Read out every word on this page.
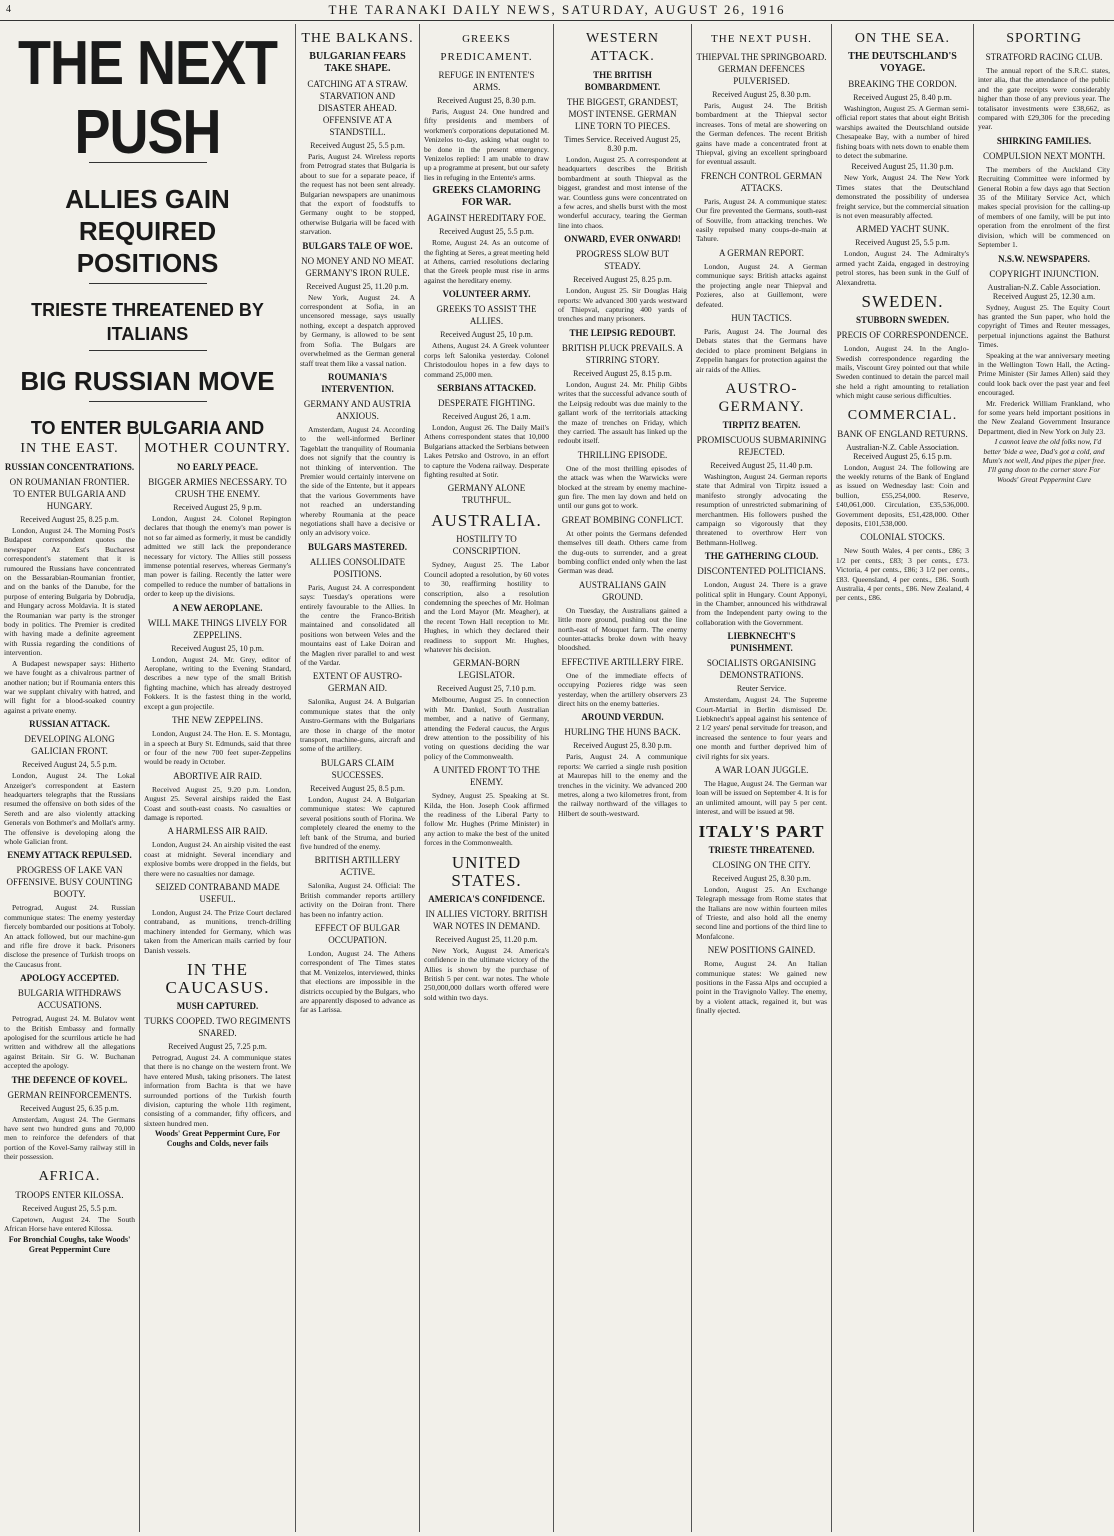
4	THE TARANAKI DAILY NEWS, SATURDAY, AUGUST 26, 1916
THE NEXT PUSH
ALLIES GAIN REQUIRED POSITIONS
TRIESTE THREATENED BY ITALIANS
BIG RUSSIAN MOVE
TO ENTER BULGARIA AND
IN THE EAST.
RUSSIAN CONCENTRATIONS.
ON ROUMANIAN FRONTIER. TO ENTER BULGARIA AND HUNGARY.
Received August 25, 8.25 p.m.

London, August 24. The Morning Post's Budapest correspondent quotes the newspaper Az Est's Bucharest correspondent's statement that it is rumoured the Russians have concentrated on the Bessarabian-Roumanian frontier, and on the banks of the Danube, for the purpose of entering Bulgaria by Dobrudja, and Hungary across Moldavia. It is stated the Roumanian war party is the stronger body in politics. The Premier is credited with having made a definite agreement with Russia regarding the conditions of intervention.

A Budapest newspaper says: Hitherto we have fought as a chivalrous partner of another nation; but if Roumania enters this war we supplant chivalry with hatred, and will fight for a blood-soaked country against a private enemy.

RUSSIAN ATTACK.
DEVELOPING ALONG GALICIAN FRONT.
Received August 24, 5.5 p.m.

London, August 24. The Lokal Anzeiger's correspondent at Eastern headquarters telegraphs that the Russians resumed the offensive on both sides of the Sereth and are also violently attacking Generals von Bothmer's and Mollat's army. The offensive is developing along the whole Galician front.

ENEMY ATTACK REPULSED.
PROGRESS OF LAKE VAN OFFENSIVE. BUSY COUNTING BOOTY.

Petrograd, August 24. Russian communique states: The enemy yesterday fiercely bombarded our positions at Toboly. An attack followed, but our machine-gun and rifle fire drove it back. Prisoners disclose the presence of Turkish troops on the Caucasus front.

APOLOGY ACCEPTED.
BULGARIA WITHDRAWS ACCUSATIONS.

Petrograd, August 24. M. Bulatov went to the British Embassy and formally apologised for the scurrilous article he had written and withdrew all the allegations against Britain. Sir G. W. Buchanan accepted the apology.

THE DEFENCE OF KOVEL.
GERMAN REINFORCEMENTS.
Received August 25, 6.35 p.m.

Amsterdam, August 24. The Germans have sent two hundred guns and 70,000 men to reinforce the defenders of that portion of the Kovel-Sarny railway still in their possession.

AFRICA.
TROOPS ENTER KILOSSA.
Received August 25, 5.5 p.m.

Capetown, August 24. The South African Horse have entered Kilossa.

For Bronchial Coughs, take Woods' Great Peppermint Cure
MOTHER COUNTRY.
NO EARLY PEACE.
BIGGER ARMIES NECESSARY. TO CRUSH THE ENEMY.
Received August 25, 9 p.m.

London, August 24. Colonel Repington declares that though the enemy's man power is not so far aimed as formerly, it must be candidly admitted we still lack the preponderance necessary for victory. The Allies still possess immense potential reserves, whereas Germany's man power is failing. Recently the latter were compelled to reduce the number of battalions in order to keep up the divisions.

A NEW AEROPLANE.
WILL MAKE THINGS LIVELY FOR ZEPPELINS.
Received August 25, 10 p.m.

London, August 24. Mr. Grey, editor of Aeroplane, writing to the Evening Standard, describes a new type of the small British fighting machine, which has already destroyed Fokkers. It is the fastest thing in the world, except a gun projectile.

THE NEW ZEPPELINS.

London, August 24. The Hon. E. S. Montagu, in a speech at Bury St. Edmunds, said that three or four of the new 700 feet super-Zeppelins would be ready in October.

ABORTIVE AIR RAID.

Received August 25, 9.20 p.m. London, August 25. Several airships raided the East Coast and south-east coasts. No casualties or damage is reported.

A HARMLESS AIR RAID.

London, August 24. An airship visited the east coast at midnight. Several incendiary and explosive bombs were dropped in the fields, but there were no casualties nor damage.

SEIZED CONTRABAND MADE USEFUL.

London, August 24. The Prize Court declared contraband, as munitions, trench-drilling machinery intended for Germany, which was taken from the American mails carried by four Danish vessels.

IN THE CAUCASUS.
MUSH CAPTURED.
TURKS COOPED. TWO REGIMENTS SNARED.
Received August 25, 7.25 p.m.

Petrograd, August 24. A communique states that there is no change on the western front. We have entered Mush, taking prisoners. The latest information from Bachta is that we have surrounded portions of the Turkish fourth division, capturing the whole 11th regiment, consisting of a commander, fifty officers, and sixteen hundred men.

Woods' Great Peppermint Cure, For Coughs and Colds, never fails
THE BALKANS.
BULGARIAN FEARS TAKE SHAPE.
CATCHING AT A STRAW. STARVATION AND DISASTER AHEAD. OFFENSIVE AT A STANDSTILL.
Received August 25, 5.5 p.m.

Paris, August 24. Wireless reports from Petrograd states that Bulgaria is about to sue for a separate peace, if the request has not been sent already. Bulgarian newspapers are unanimous that the export of foodstuffs to Germany ought to be stopped, otherwise Bulgaria will be faced with starvation.

BULGARS TALE OF WOE.
NO MONEY AND NO MEAT. GERMANY'S IRON RULE.
Received August 25, 11.20 p.m.

New York, August 24. A correspondent at Sofia, in an uncensored message, says usually nothing, except a despatch approved by Germany, is allowed to be sent from Sofia. The Bulgars are overwhelmed as the German general staff treat them like a vassal nation.

ROUMANIA'S INTERVENTION.
GERMANY AND AUSTRIA ANXIOUS.

Amsterdam, August 24. According to the well-informed Berliner Tageblatt the tranquility of Roumania does not signify that the country is not thinking of intervention. The Premier would certainly intervene on the side of the Entente, but it appears that the various Governments have not reached an understanding whereby Roumania at the peace negotiations shall have a decisive or only an advisory voice.

BULGARS MASTERED.
ALLIES CONSOLIDATE POSITIONS.

Paris, August 24. A correspondent says: Tuesday's operations were entirely favourable to the Allies. In the centre the Franco-British maintained and consolidated all positions won between Veles and the mountains east of Lake Doiran and the Maglen river parallel to and west of the Vardar.

EXTENT OF AUSTRO-GERMAN AID.

Salonika, August 24. A Bulgarian communique states that the only Austro-Germans with the Bulgarians are those in charge of the motor transport, machine-guns, aircraft and some of the artillery.

BULGARS CLAIM SUCCESSES.
Received August 25, 8.5 p.m.

London, August 24. A Bulgarian communique states: We captured several positions south of Florina. We completely cleared the enemy to the left bank of the Struma, and buried five hundred of the enemy.

BRITISH ARTILLERY ACTIVE.

Salonika, August 24. Official: The British commander reports artillery activity on the Doiran front. There has been no infantry action.

EFFECT OF BULGAR OCCUPATION.

London, August 24. The Athens correspondent of The Times states that M. Venizelos, interviewed, thinks that elections are impossible in the districts occupied by the Bulgars, who are apparently disposed to advance as far as Larissa.

GREEKS PREDICAMENT.
REFUGE IN ENTENTE'S ARMS.
Received August 25, 8.30 p.m.

Paris, August 24. One hundred and fifty presidents and members of workmen's corporations deputationed M. Venizelos to-day, asking what ought to be done in the present emergency. Venizelos replied: I am unable to draw up a programme at present, but our safety lies in refuging in the Entente's arms.

GREEKS CLAMORING FOR WAR.
AGAINST HEREDITARY FOE.
Received August 25, 5.5 p.m.

Rome, August 24. As an outcome of the fighting at Seres, a great meeting held at Athens, carried resolutions declaring that the Greek people must rise in arms against the hereditary enemy.

VOLUNTEER ARMY.
GREEKS TO ASSIST THE ALLIES.
Received August 25, 10 p.m.

Athens, August 24. A Greek volunteer corps left Salonika yesterday. Colonel Christodoulou hopes in a few days to command 25,000 men.

SERBIANS ATTACKED.
DESPERATE FIGHTING.
Received August 26, 1 a.m.

London, August 26. The Daily Mail's Athens correspondent states that 10,000 Bulgarians attacked the Serbians between Lakes Petrsko and Ostrovo, in an effort to capture the Vodena railway. Desperate fighting resulted at Sotir.

GERMANY ALONE TRUTHFUL.
AUSTRALIA.
HOSTILITY TO CONSCRIPTION.

Sydney, August 25. The Labor Council adopted a resolution, by 60 votes to 30, reaffirming hostility to conscription, also a resolution condemning the speeches of Mr. Holman and the Lord Mayor (Mr. Meagher), at the recent Town Hall reception to Mr. Hughes, in which they declared their readiness to support Mr. Hughes, whatever his decision.

GERMAN-BORN LEGISLATOR.
Received August 25, 7.10 p.m.

Melbourne, August 25. In connection with Mr. Dankel, South Australian member, and a native of Germany, attending the Federal caucus, the Argus drew attention to the possibility of his voting on questions deciding the war policy of the Commonwealth.

A UNITED FRONT TO THE ENEMY.

Sydney, August 25. Speaking at St. Kilda, the Hon. Joseph Cook affirmed the readiness of the Liberal Party to follow Mr. Hughes (Prime Minister) in any action to make the best of the united forces in the Commonwealth.

UNITED STATES.
AMERICA'S CONFIDENCE.
IN ALLIES VICTORY. BRITISH WAR NOTES IN DEMAND.
Received August 25, 11.20 p.m.

New York, August 24. America's confidence in the ultimate victory of the Allies is shown by the purchase of British 5 per cent. war notes. The whole 250,000,000 dollars worth offered were sold within two days.

WESTERN ATTACK.
THE BRITISH BOMBARDMENT.
THE BIGGEST, GRANDEST, MOST INTENSE. GERMAN LINE TORN TO PIECES.
Times Service. Received August 25, 8.30 p.m.

London, August 25. A correspondent at headquarters describes the British bombardment at south Thiepval as the biggest, grandest and most intense of the war. Countless guns were concentrated on a few acres, and shells burst with the most wonderful accuracy, tearing the German line into chaos.

ONWARD, EVER ONWARD!
PROGRESS SLOW BUT STEADY.
Received August 25, 8.25 p.m.

London, August 25. Sir Douglas Haig reports: We advanced 300 yards westward of Thiepval, capturing 400 yards of trenches and many prisoners.

THE LEIPSIG REDOUBT.
BRITISH PLUCK PREVAILS. A STIRRING STORY.
Received August 25, 8.15 p.m.

London, August 24. Mr. Philip Gibbs writes that the successful advance south of the Leipsig redoubt was due mainly to the gallant work of the territorials attacking the maze of trenches on Friday, which they carried. The assault has linked up the redoubt itself.

THRILLING EPISODE.

One of the most thrilling episodes of the attack was when the Warwicks were blocked at the stream by enemy machine-gun fire. The men lay down and held on until our guns got to work.

GREAT BOMBING CONFLICT.

At other points the Germans defended themselves till death. Others came from the dug-outs to surrender, and a great bombing conflict ended only when the last German was dead.

AUSTRALIANS GAIN GROUND.

On Tuesday, the Australians gained a little more ground, pushing out the line north-east of Mouquet farm. The enemy counter-attacks broke down with heavy bloodshed.

EFFECTIVE ARTILLERY FIRE.

One of the immediate effects of occupying Pozieres ridge was seen yesterday, when the artillery observers 23 direct hits on the enemy batteries.

AROUND VERDUN.
HURLING THE HUNS BACK.
Received August 25, 8.30 p.m.

Paris, August 24. A communique reports: We carried a single rush position at Maurepas hill to the enemy and the trenches in the vicinity. We advanced 200 metres, along a two kilometres front, from the railway northward of the villages to Hilbert de south-westward.

THE NEXT PUSH.
THIEPVAL THE SPRINGBOARD. GERMAN DEFENCES PULVERISED.
Received August 25, 8.30 p.m.

Paris, August 24. The British bombardment at the Thiepval sector increases. Tons of metal are showering on the German defences. The recent British gains have made a concentrated front at Thiepval, giving an excellent springboard for eventual assault.

FRENCH CONTROL GERMAN ATTACKS.

Paris, August 24. A communique states: Our fire prevented the Germans, south-east of Souville, from attacking trenches. We easily repulsed many coups-de-main at Tahure.

A GERMAN REPORT.

London, August 24. A German communique says: British attacks against the projecting angle near Thiepval and Pozieres, also at Guillemont, were defeated.

HUN TACTICS.

Paris, August 24. The Journal des Debats states that the Germans have decided to place prominent Belgians in Zeppelin hangars for protection against the air raids of the Allies.

AUSTRO-GERMANY.
TIRPITZ BEATEN.
PROMISCUOUS SUBMARINING REJECTED.
Received August 25, 11.40 p.m.

Washington, August 24. German reports state that Admiral von Tirpitz issued a manifesto strongly advocating the resumption of unrestricted submarining of merchantmen. His followers pushed the campaign so vigorously that they threatened to overthrow Herr von Bethmann-Hollweg.

THE GATHERING CLOUD.
DISCONTENTED POLITICIANS.

London, August 24. There is a grave political split in Hungary. Count Apponyi, in the Chamber, announced his withdrawal from the Independent party owing to the collaboration with the Government.

LIEBKNECHT'S PUNISHMENT.
SOCIALISTS ORGANISING DEMONSTRATIONS.
Reuter Service.

Amsterdam, August 24. The Supreme Court-Martial in Berlin dismissed Dr. Liebknecht's appeal against his sentence of 2 1/2 years' penal servitude for treason, and increased the sentence to four years and one month and further deprived him of civil rights for six years.

A WAR LOAN JUGGLE.

The Hague, August 24. The German war loan will be issued on September 4. It is for an unlimited amount, will pay 5 per cent. interest, and will be issued at 98.

ITALY'S PART
TRIESTE THREATENED.
CLOSING ON THE CITY.
Received August 25, 8.30 p.m.

London, August 25. An Exchange Telegraph message from Rome states that the Italians are now within fourteen miles of Trieste, and also hold all the enemy second line and portions of the third line to Monfalcone.

NEW POSITIONS GAINED.

Rome, August 24. An Italian communique states: We gained new positions in the Fassa Alps and occupied a point in the Travignolo Valley. The enemy, by a violent attack, regained it, but was finally ejected.

ON THE SEA.
THE DEUTSCHLAND'S VOYAGE.
BREAKING THE CORDON.
Received August 25, 8.40 p.m.

Washington, August 25. A German semi-official report states that about eight British warships awaited the Deutschland outside Chesapeake Bay, with a number of hired fishing boats with nets down to enable them to detect the submarine.

Received August 25, 11.30 p.m.

New York, August 24. The New York Times states that the Deutschland demonstrated the possibility of undersea freight service, but the commercial situation is not even measurably affected.

ARMED YACHT SUNK.
Received August 25, 5.5 p.m.

London, August 24. The Admiralty's armed yacht Zaida, engaged in destroying petrol stores, has been sunk in the Gulf of Alexandretta.

SWEDEN.
STUBBORN SWEDEN.
PRECIS OF CORRESPONDENCE.

London, August 24. In the Anglo-Swedish correspondence regarding the mails, Viscount Grey pointed out that while Sweden continued to detain the parcel mail she held a right amounting to retaliation which might cause serious difficulties.

COMMERCIAL.
BANK OF ENGLAND RETURNS.
Australian-N.Z. Cable Association. Received August 25, 6.15 p.m.

London, August 24. The following are the weekly returns of the Bank of England as issued on Wednesday last: Coin and bullion, £55,254,000. Reserve, £40,061,000. Circulation, £35,536,000. Government deposits, £51,428,000. Other deposits, £101,538,000.

COLONIAL STOCKS.

New South Wales, 4 per cents., £86; 3 1/2 per cents., £83; 3 per cents., £73. Victoria, 4 per cents., £86; 3 1/2 per cents., £83. Queensland, 4 per cents., £86. South Australia, 4 per cents., £86. New Zealand, 4 per cents., £86.

SPORTING
STRATFORD RACING CLUB.

The annual report of the S.R.C. states, inter alia, that the attendance of the public and the gate receipts were considerably higher than those of any previous year. The totalisator investments were £38,662, as compared with £29,306 for the preceding year.

SHIRKING FAMILIES.
COMPULSION NEXT MONTH.

The members of the Auckland City Recruiting Committee were informed by General Robin a few days ago that Section 35 of the Military Service Act, which makes special provision for the calling-up of members of one family, will be put into operation from the enrolment of the first division, which will be commenced on September 1.

N.S.W. NEWSPAPERS.
COPYRIGHT INJUNCTION.
Australian-N.Z. Cable Association. Received August 25, 12.30 a.m.

Sydney, August 25. The Equity Court has granted the Sun paper, who hold the copyright of Times and Reuter messages, perpetual injunctions against the Bathurst Times.

Speaking at the war anniversary meeting in the Wellington Town Hall, the Acting-Prime Minister (Sir James Allen) said they could look back over the past year and feel encouraged.

Mr. Frederick William Frankland, who for some years held important positions in the New Zealand Government Insurance Department, died in New York on July 23.

I cannot leave the old folks now, I'd better 'bide a wee, Dad's got a cold, and Mum's not well, And pipes the piper free. I'll gang doon to the corner store For Woods' Great Peppermint Cure
